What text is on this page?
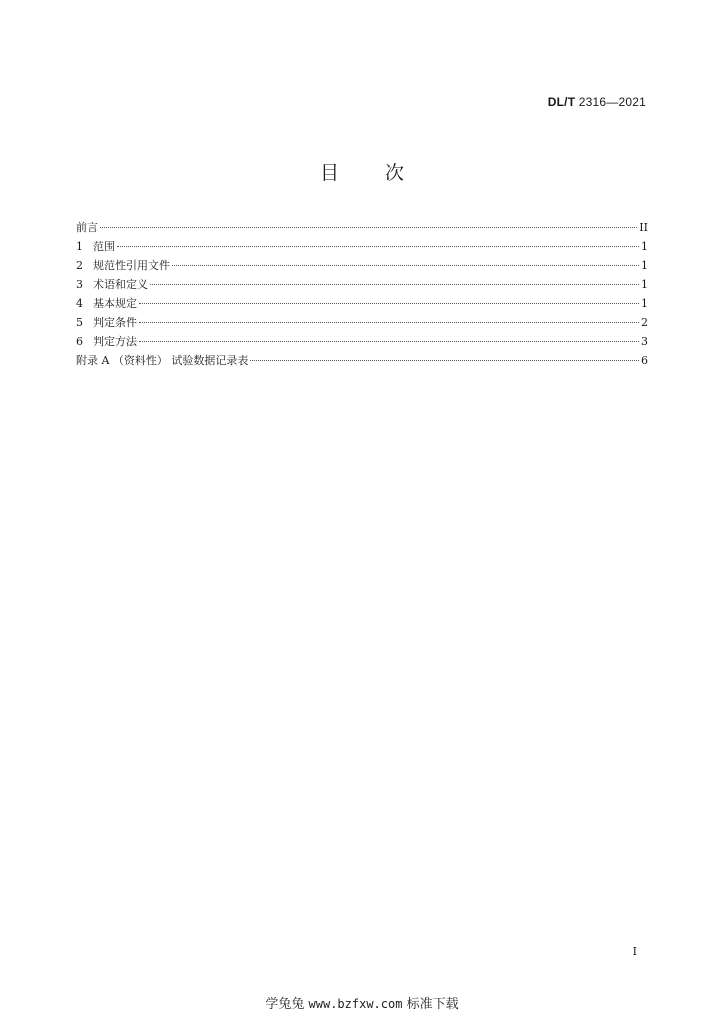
DL/T 2316—2021
目次
前言	II
1 范围	1
2 规范性引用文件	1
3 术语和定义	1
4 基本规定	1
5 判定条件	2
6 判定方法	3
附录 A （资料性） 试验数据记录表	6
I
学兔兔 www.bzfxw.com 标准下载
